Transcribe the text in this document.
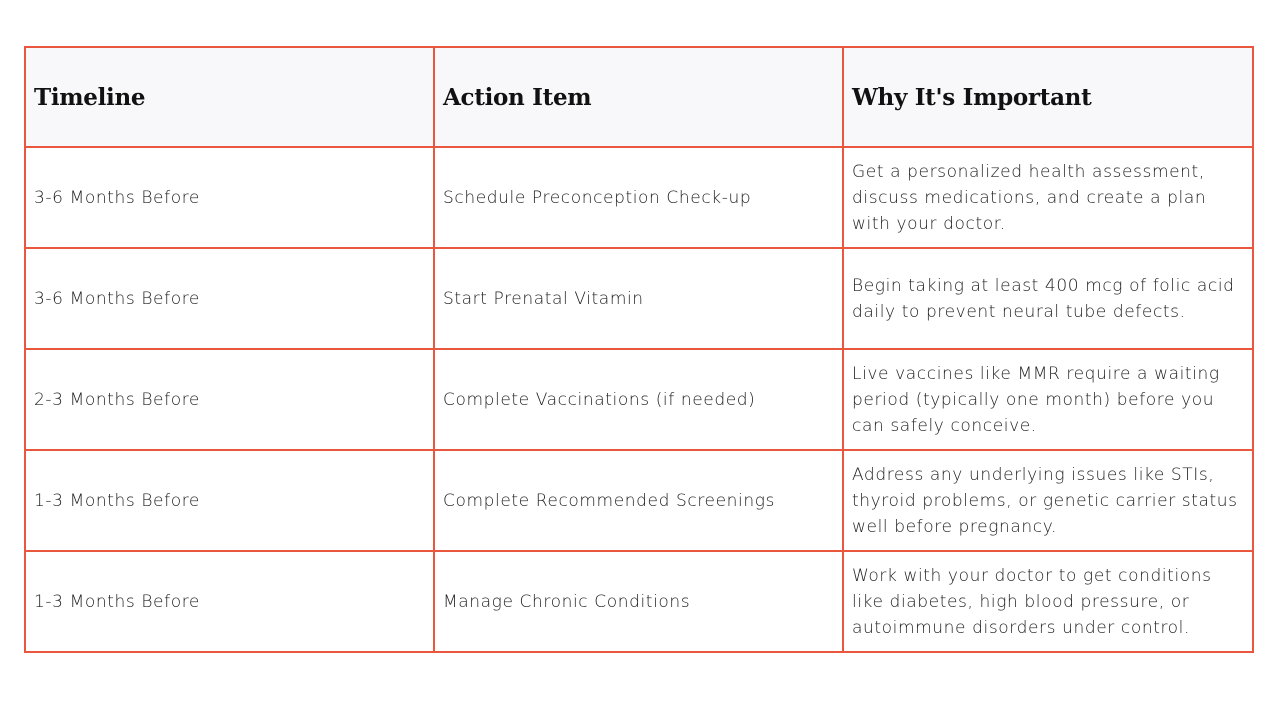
Timeline	Action Item	Why It's Important
3-6 Months Before	Schedule Preconception Check-up	Get a personalized health assessment, discuss medications, and create a plan with your doctor.
3-6 Months Before	Start Prenatal Vitamin	Begin taking at least 400 mcg of folic acid daily to prevent neural tube defects.
2-3 Months Before	Complete Vaccinations (if needed)	Live vaccines like MMR require a waiting period (typically one month) before you can safely conceive.
1-3 Months Before	Complete Recommended Screenings	Address any underlying issues like STIs, thyroid problems, or genetic carrier status well before pregnancy.
1-3 Months Before	Manage Chronic Conditions	Work with your doctor to get conditions like diabetes, high blood pressure, or autoimmune disorders under control.
